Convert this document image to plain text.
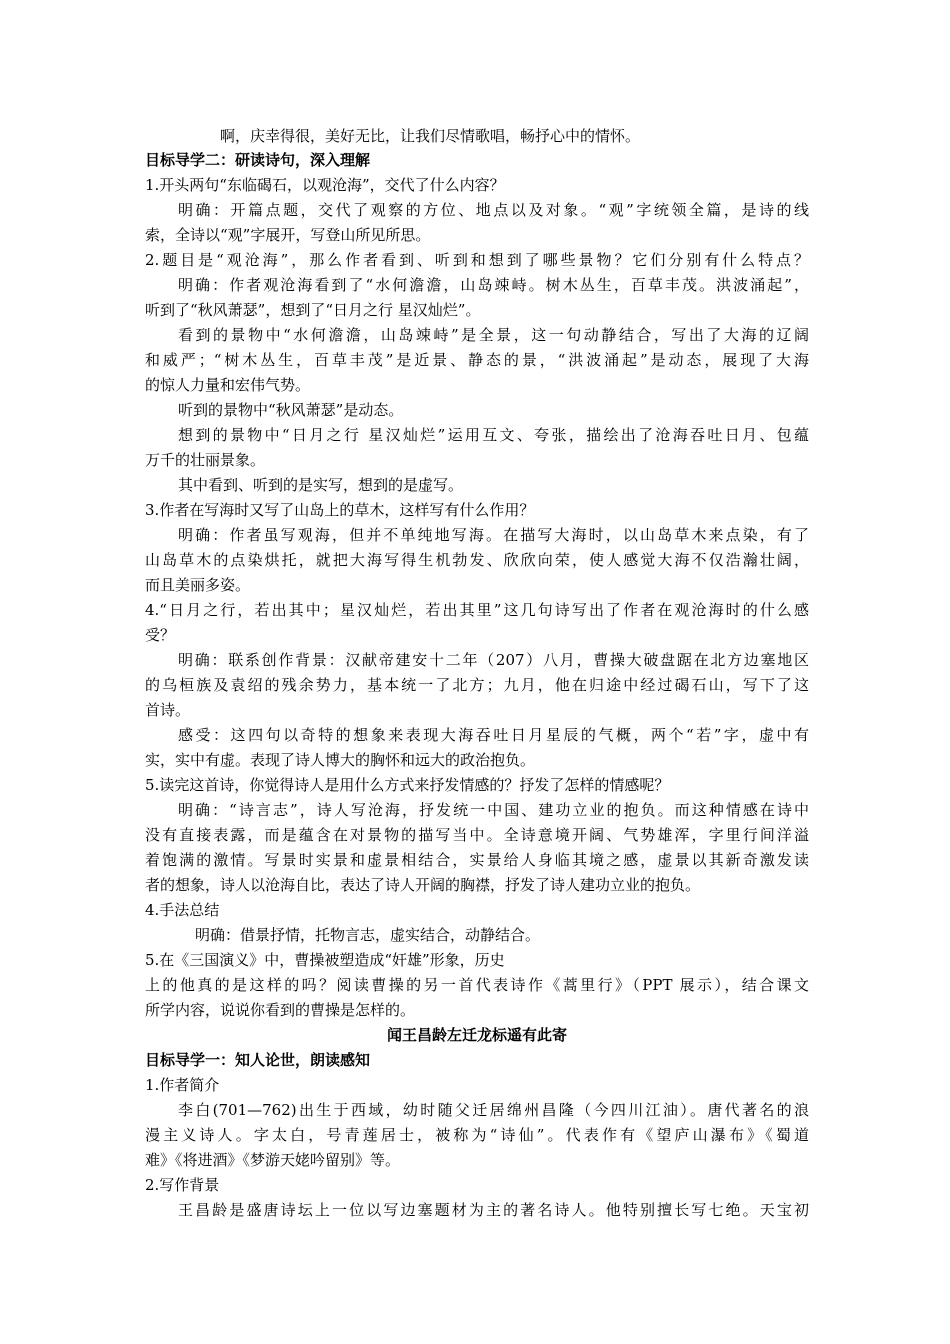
啊，庆幸得很，美好无比，让我们尽情歌唱，畅抒心中的情怀。
目标导学二：研读诗句，深入理解
1.开头两句“东临碣石，以观沧海”，交代了什么内容？
明确：开篇点题，交代了观察的方位、地点以及对象。“观”字统领全篇，是诗的线
索，全诗以“观”字展开，写登山所见所思。
2.题目是“观沧海”，那么作者看到、听到和想到了哪些景物？它们分别有什么特点？
明确：作者观沧海看到了“水何澹澹，山岛竦峙。树木丛生，百草丰茂。洪波涌起”，
听到了“秋风萧瑟”，想到了“日月之行 星汉灿烂”。
看到的景物中“水何澹澹，山岛竦峙”是全景，这一句动静结合，写出了大海的辽阔
和威严；“树木丛生，百草丰茂”是近景、静态的景，“洪波涌起”是动态，展现了大海
的惊人力量和宏伟气势。
听到的景物中“秋风萧瑟”是动态。
想到的景物中“日月之行 星汉灿烂”运用互文、夸张，描绘出了沧海吞吐日月、包蕴
万千的壮丽景象。
其中看到、听到的是实写，想到的是虚写。
3.作者在写海时又写了山岛上的草木，这样写有什么作用？
明确：作者虽写观海，但并不单纯地写海。在描写大海时，以山岛草木来点染，有了
山岛草木的点染烘托，就把大海写得生机勃发、欣欣向荣，使人感觉大海不仅浩瀚壮阔，
而且美丽多姿。
4.“日月之行，若出其中；星汉灿烂，若出其里”这几句诗写出了作者在观沧海时的什么感
受？
明确：联系创作背景：汉献帝建安十二年（207）八月，曹操大破盘踞在北方边塞地区
的乌桓族及袁绍的残余势力，基本统一了北方；九月，他在归途中经过碣石山，写下了这
首诗。
感受：这四句以奇特的想象来表现大海吞吐日月星辰的气概，两个“若”字，虚中有
实，实中有虚。表现了诗人博大的胸怀和远大的政治抱负。
5.读完这首诗，你觉得诗人是用什么方式来抒发情感的？抒发了怎样的情感呢？
明确：“诗言志”，诗人写沧海，抒发统一中国、建功立业的抱负。而这种情感在诗中
没有直接表露，而是蕴含在对景物的描写当中。全诗意境开阔、气势雄浑，字里行间洋溢
着饱满的激情。写景时实景和虚景相结合，实景给人身临其境之感，虚景以其新奇激发读
者的想象，诗人以沧海自比，表达了诗人开阔的胸襟，抒发了诗人建功立业的抱负。
4.手法总结
明确：借景抒情，托物言志，虚实结合，动静结合。
5.在《三国演义》中，曹操被塑造成“奸雄”形象，历史
上的他真的是这样的吗？阅读曹操的另一首代表诗作《蒿里行》（PPT 展示），结合课文
所学内容，说说你看到的曹操是怎样的。
闻王昌龄左迁龙标遥有此寄
目标导学一：知人论世，朗读感知
1.作者简介
李白(701—762)出生于西域，幼时随父迁居绵州昌隆（今四川江油）。唐代著名的浪
漫主义诗人。字太白，号青莲居士，被称为“诗仙”。代表作有《望庐山瀑布》《蜀道
难》《将进酒》《梦游天姥吟留别》等。
2.写作背景
王昌龄是盛唐诗坛上一位以写边塞题材为主的著名诗人。他特别擅长写七绝。天宝初
